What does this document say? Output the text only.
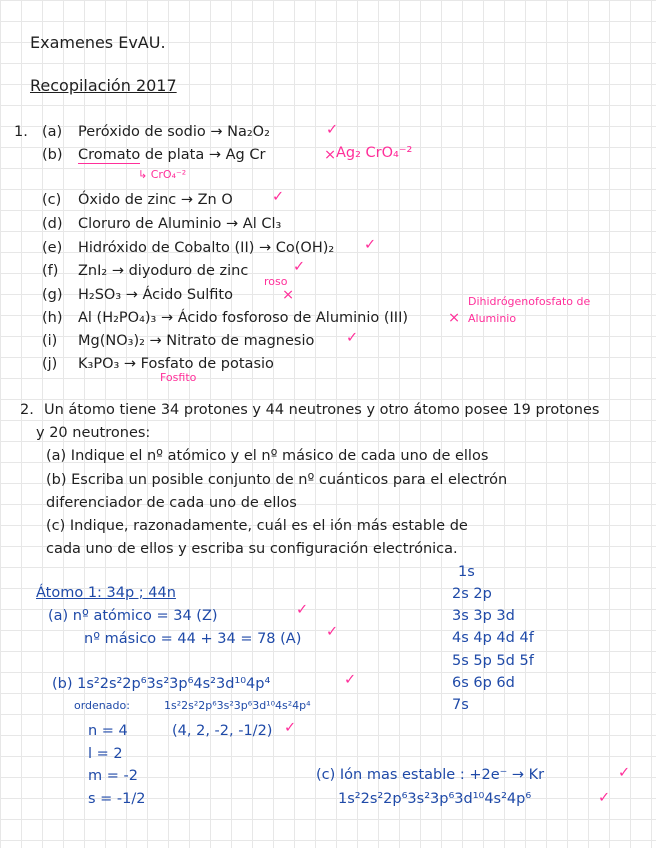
Examenes EvAU.
Recopilación 2017
1. (a) Peróxido de sodio → Na₂O₂	✓
(b) Cromato de plata → Ag Cr	× Ag₂ CrO₄⁻²
↳ CrO₄⁻²
(c) Óxido de zinc → Zn O	✓
(d) Cloruro de Aluminio → Al Cl₃
(e) Hidróxido de Cobalto (II) → Co(OH)₂ ✓
(f) ZnI₂ → diyoduro de zinc	✓
(g) H₂SO₃ → Ácido Sulfito
roso
×
(h) Al (H₂PO₄)₃ → Ácido fosforoso de Aluminio (III)	×
Dihidrógenofosfato de Aluminio
(i) Mg(NO₃)₂ → Nitrato de magnesio ✓
(j) K₃PO₃ → Fosfato de potasio
Fosfito
2. Un átomo tiene 34 protones y 44 neutrones y otro átomo posee 19 protones
y 20 neutrones:
(a) Indique el nº atómico y el nº másico de cada uno de ellos
(b) Escriba un posible conjunto de nº cuánticos para el electrón
diferenciador de cada uno de ellos
(c) Indique, razonadamente, cuál es el ión más estable de
cada uno de ellos y escriba su configuración electrónica.
1s
2s 2p
3s 3p 3d
4s 4p 4d 4f
5s 5p 5d 5f
6s 6p 6d
7s
Átomo 1: 34p ; 44n
(a) nº atómico = 34 (Z)	✓
nº másico = 44 + 34 = 78 (A) ✓
(b) 1s²2s²2p⁶3s²3p⁶4s²3d¹⁰4p⁴	✓
ordenado:	1s²2s²2p⁶3s²3p⁶3d¹⁰4s²4p⁴
n = 4	(4, 2, -2, -1/2) ✓
l = 2
m = -2
s = -1/2
(c) Ión mas estable : +2e⁻ → Kr	✓
1s²2s²2p⁶3s²3p⁶3d¹⁰4s²4p⁶	✓
